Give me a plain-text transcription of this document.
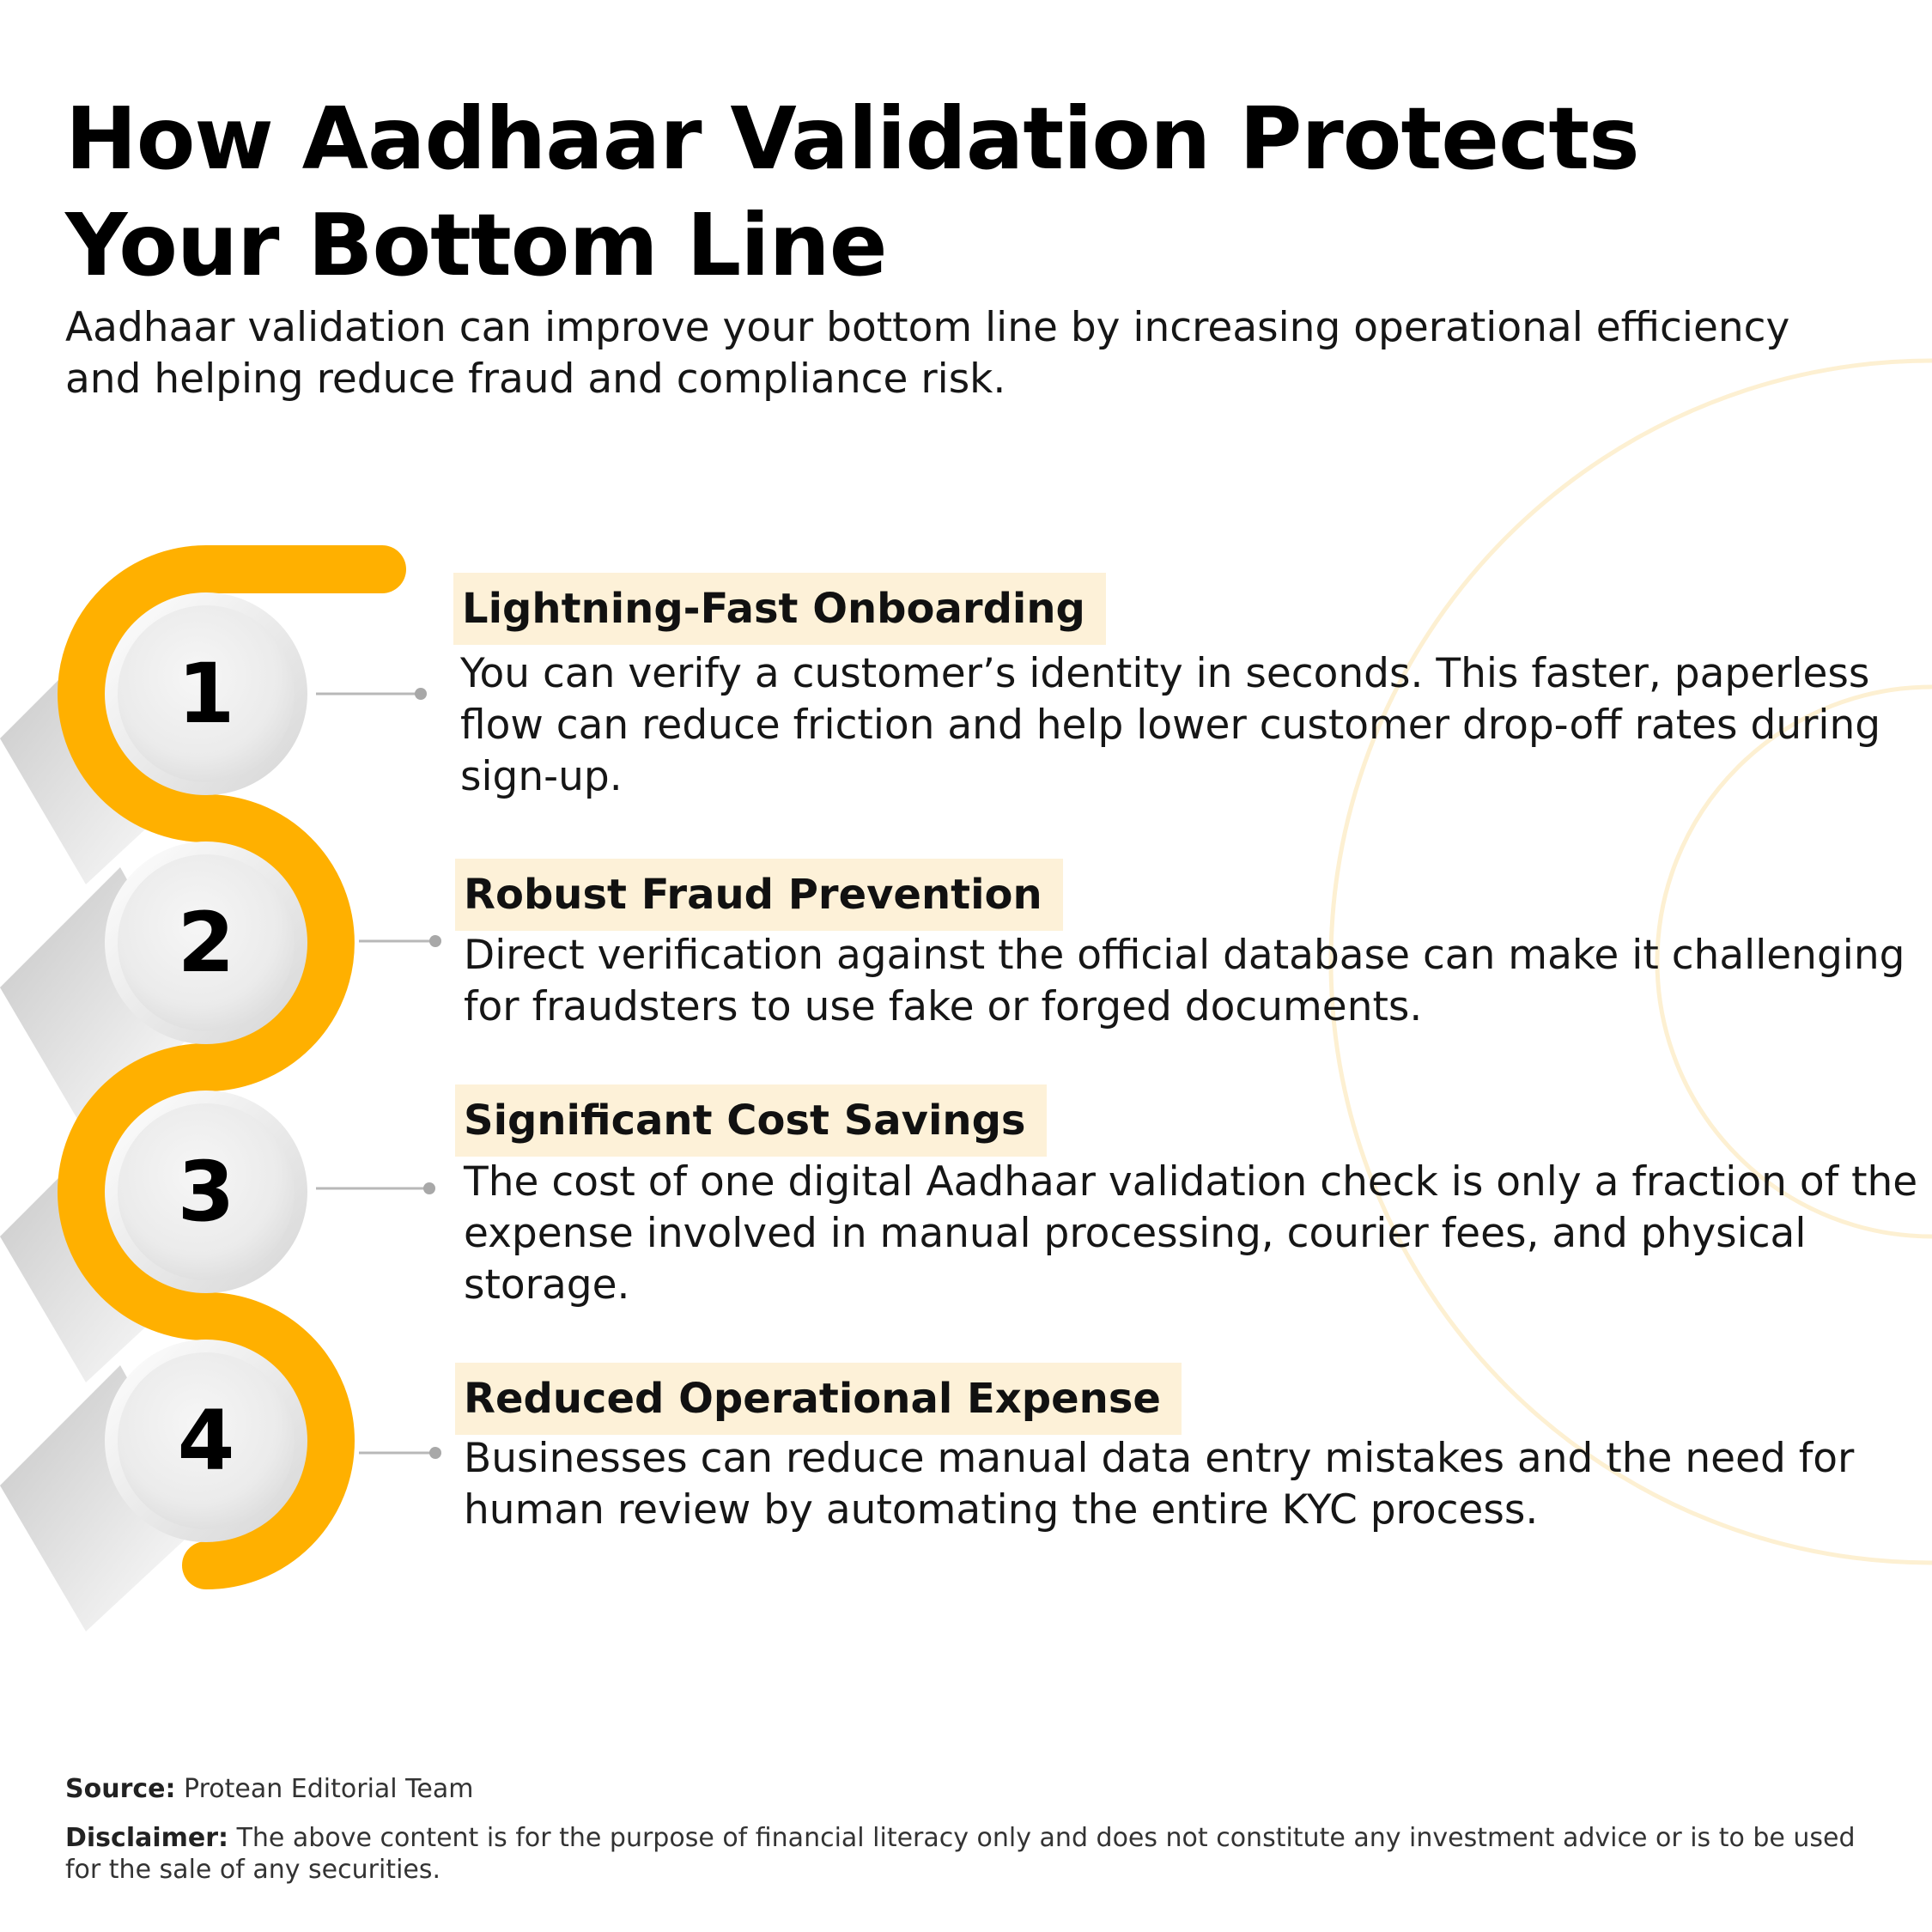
How Aadhaar Validation Protects Your Bottom Line

Aadhaar validation can improve your bottom line by increasing operational efficiency and helping reduce fraud and compliance risk.

1
2
3
4
Lightning-Fast Onboarding

You can verify a customer’s identity in seconds. This faster, paperless flow can reduce friction and help lower customer drop-off rates during sign-up.

Robust Fraud Prevention

Direct verification against the official database can make it challenging for fraudsters to use fake or forged documents.

Significant Cost Savings

The cost of one digital Aadhaar validation check is only a fraction of the expense involved in manual processing, courier fees, and physical storage.

Reduced Operational Expense

Businesses can reduce manual data entry mistakes and the need for human review by automating the entire KYC process.

Source: Protean Editorial Team

Disclaimer: The above content is for the purpose of financial literacy only and does not constitute any investment advice or is to be used for the sale of any securities.
